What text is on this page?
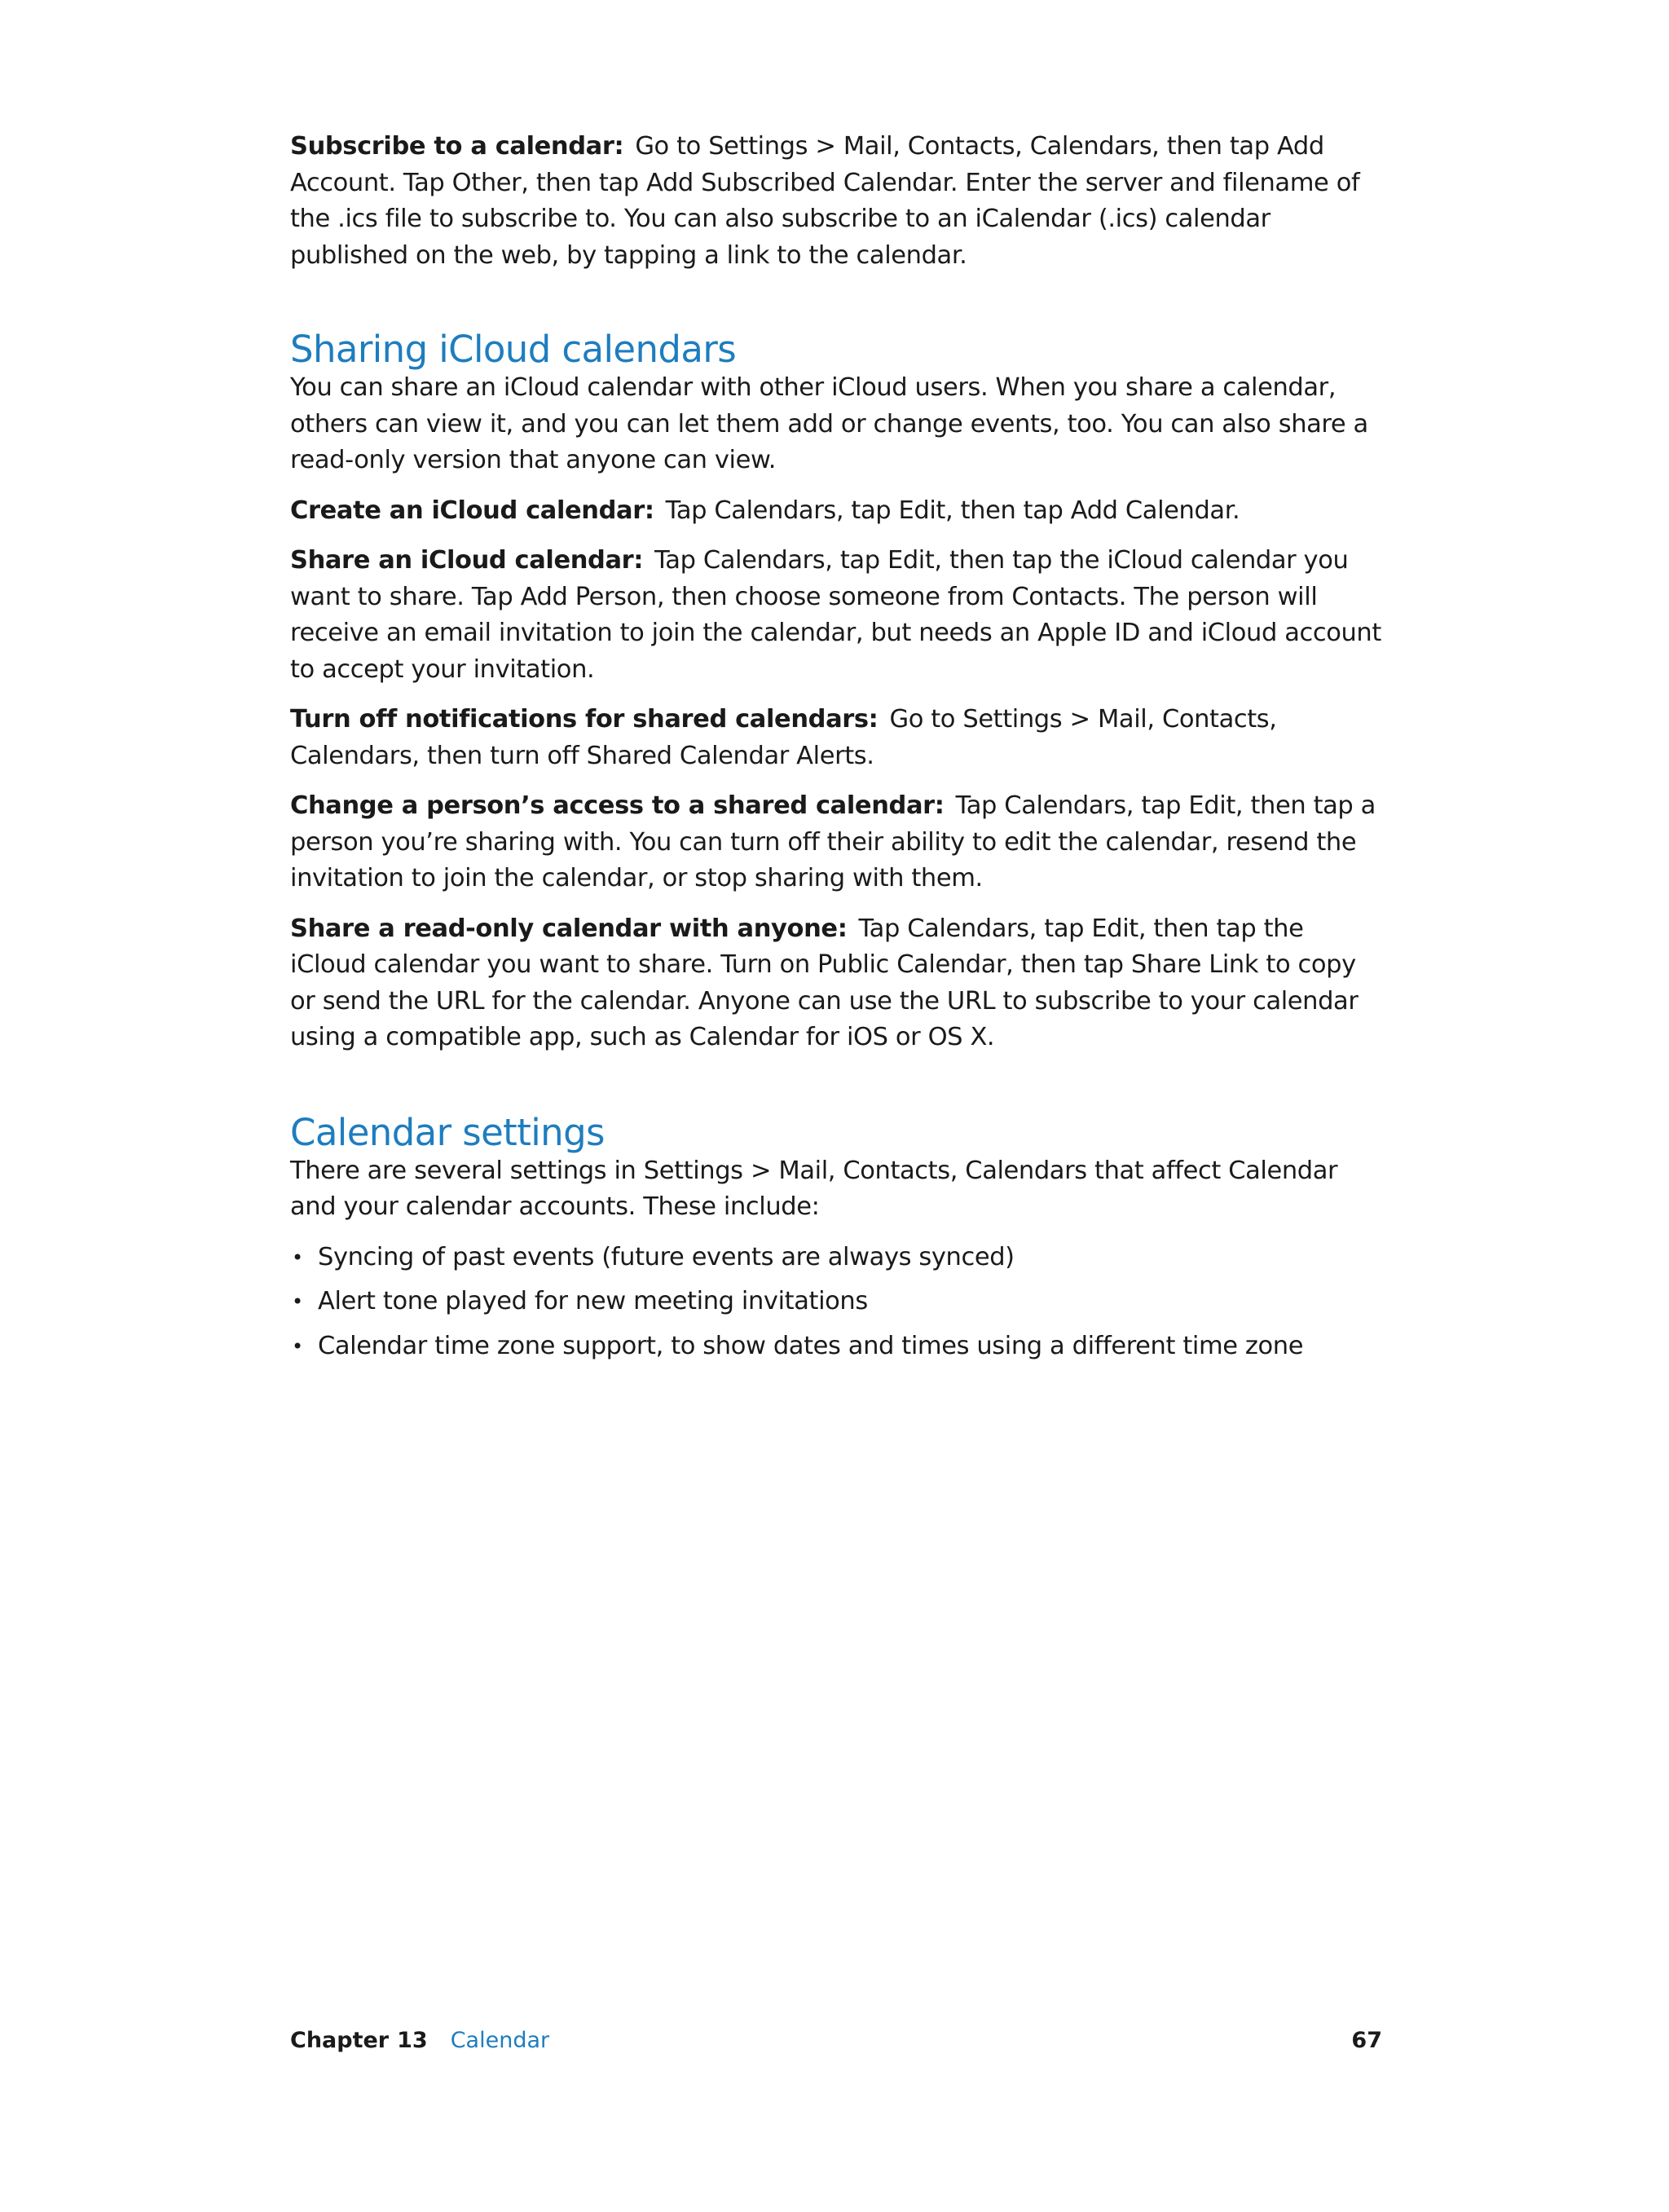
Subscribe to a calendar: Go to Settings > Mail, Contacts, Calendars, then tap Add Account. Tap Other, then tap Add Subscribed Calendar. Enter the server and filename of the .ics file to subscribe to. You can also subscribe to an iCalendar (.ics) calendar published on the web, by tapping a link to the calendar.

Sharing iCloud calendars

You can share an iCloud calendar with other iCloud users. When you share a calendar, others can view it, and you can let them add or change events, too. You can also share a read-only version that anyone can view.

Create an iCloud calendar: Tap Calendars, tap Edit, then tap Add Calendar.

Share an iCloud calendar: Tap Calendars, tap Edit, then tap the iCloud calendar you want to share. Tap Add Person, then choose someone from Contacts. The person will receive an email invitation to join the calendar, but needs an Apple ID and iCloud account to accept your invitation.

Turn off notifications for shared calendars: Go to Settings > Mail, Contacts, Calendars, then turn off Shared Calendar Alerts.

Change a person’s access to a shared calendar: Tap Calendars, tap Edit, then tap a person you’re sharing with. You can turn off their ability to edit the calendar, resend the invitation to join the calendar, or stop sharing with them.

Share a read-only calendar with anyone: Tap Calendars, tap Edit, then tap the iCloud calendar you want to share. Turn on Public Calendar, then tap Share Link to copy or send the URL for the calendar. Anyone can use the URL to subscribe to your calendar using a compatible app, such as Calendar for iOS or OS X.

Calendar settings

There are several settings in Settings > Mail, Contacts, Calendars that affect Calendar and your calendar accounts. These include:

• Syncing of past events (future events are always synced)
• Alert tone played for new meeting invitations
• Calendar time zone support, to show dates and times using a different time zone
Chapter 13 Calendar	67
